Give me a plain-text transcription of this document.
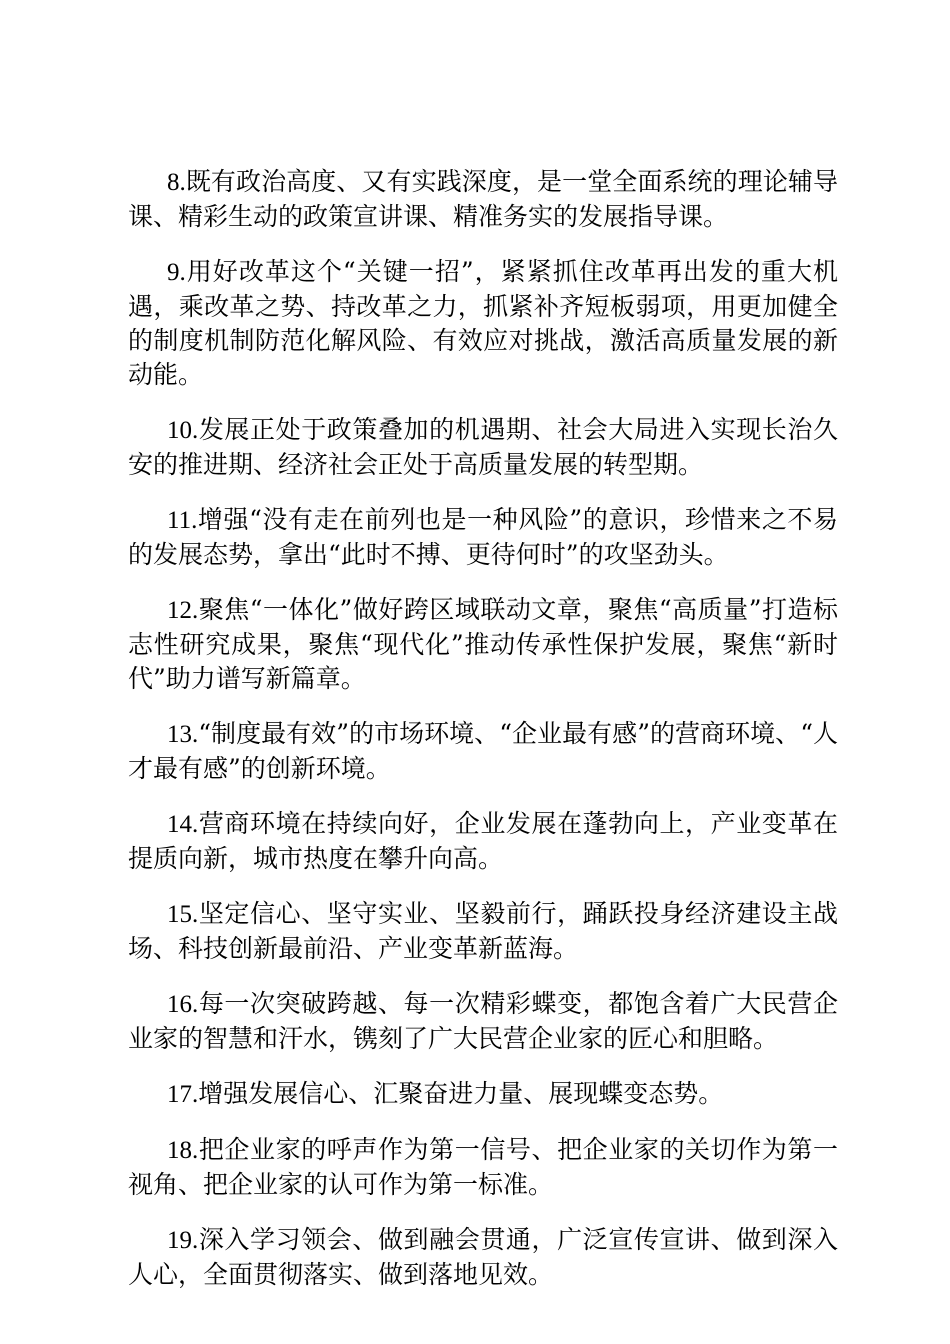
8.既有政治高度、又有实践深度，是一堂全面系统的理论辅导课、精彩生动的政策宣讲课、精准务实的发展指导课。

9.用好改革这个“关键一招”，紧紧抓住改革再出发的重大机遇，乘改革之势、持改革之力，抓紧补齐短板弱项，用更加健全的制度机制防范化解风险、有效应对挑战，激活高质量发展的新动能。

10.发展正处于政策叠加的机遇期、社会大局进入实现长治久安的推进期、经济社会正处于高质量发展的转型期。

11.增强“没有走在前列也是一种风险”的意识，珍惜来之不易的发展态势，拿出“此时不搏、更待何时”的攻坚劲头。

12.聚焦“一体化”做好跨区域联动文章，聚焦“高质量”打造标志性研究成果，聚焦“现代化”推动传承性保护发展，聚焦“新时代”助力谱写新篇章。

13.“制度最有效”的市场环境、“企业最有感”的营商环境、“人才最有感”的创新环境。

14.营商环境在持续向好，企业发展在蓬勃向上，产业变革在提质向新，城市热度在攀升向高。

15.坚定信心、坚守实业、坚毅前行，踊跃投身经济建设主战场、科技创新最前沿、产业变革新蓝海。

16.每一次突破跨越、每一次精彩蝶变，都饱含着广大民营企业家的智慧和汗水，镌刻了广大民营企业家的匠心和胆略。

17.增强发展信心、汇聚奋进力量、展现蝶变态势。

18.把企业家的呼声作为第一信号、把企业家的关切作为第一视角、把企业家的认可作为第一标准。

19.深入学习领会、做到融会贯通，广泛宣传宣讲、做到深入人心，全面贯彻落实、做到落地见效。
